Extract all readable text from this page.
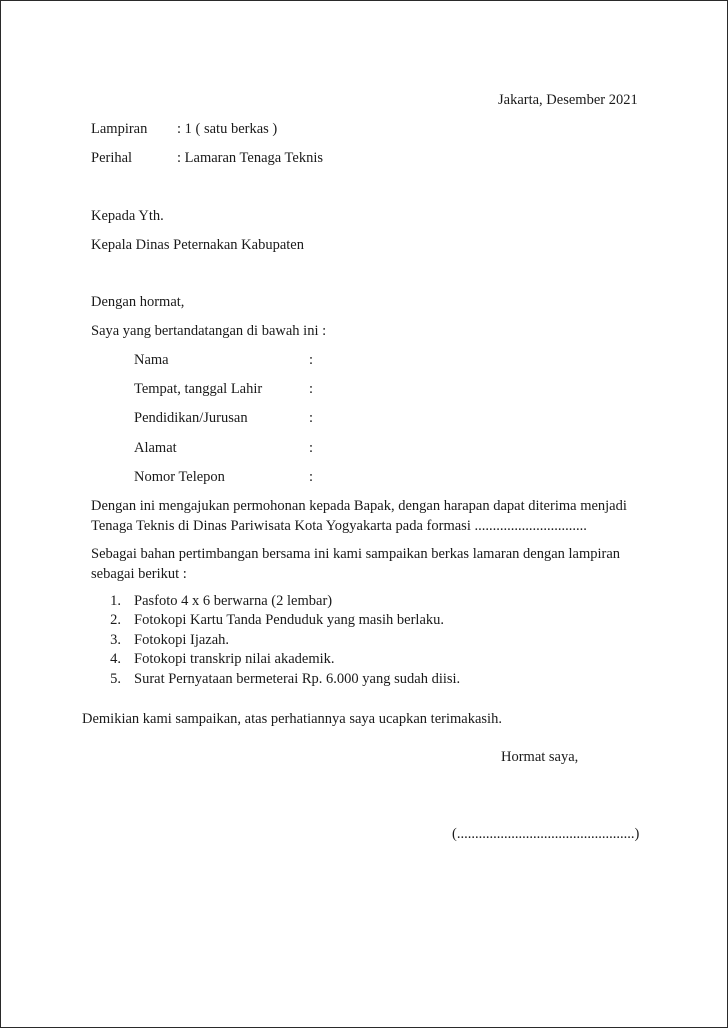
Jakarta, Desember 2021
Lampiran : 1 ( satu berkas )
Perihal	: Lamaran Tenaga Teknis
Kepada Yth.
Kepala Dinas Peternakan Kabupaten
Dengan hormat,
Saya yang bertandatangan di bawah ini :
Nama	:
Tempat, tanggal Lahir	:
Pendidikan/Jurusan	:
Alamat	:
Nomor Telepon	:
Dengan ini mengajukan permohonan kepada Bapak, dengan harapan dapat diterima menjadi
Tenaga Teknis di Dinas Pariwisata Kota Yogyakarta pada formasi ...............................
Sebagai bahan pertimbangan bersama ini kami sampaikan berkas lamaran dengan lampiran
sebagai berikut :
1. Pasfoto 4 x 6 berwarna (2 lembar)
2. Fotokopi Kartu Tanda Penduduk yang masih berlaku.
3. Fotokopi Ijazah.
4. Fotokopi transkrip nilai akademik.
5. Surat Pernyataan bermeterai Rp. 6.000 yang sudah diisi.
Demikian kami sampaikan, atas perhatiannya saya ucapkan terimakasih.
Hormat saya,
(.................................................)
